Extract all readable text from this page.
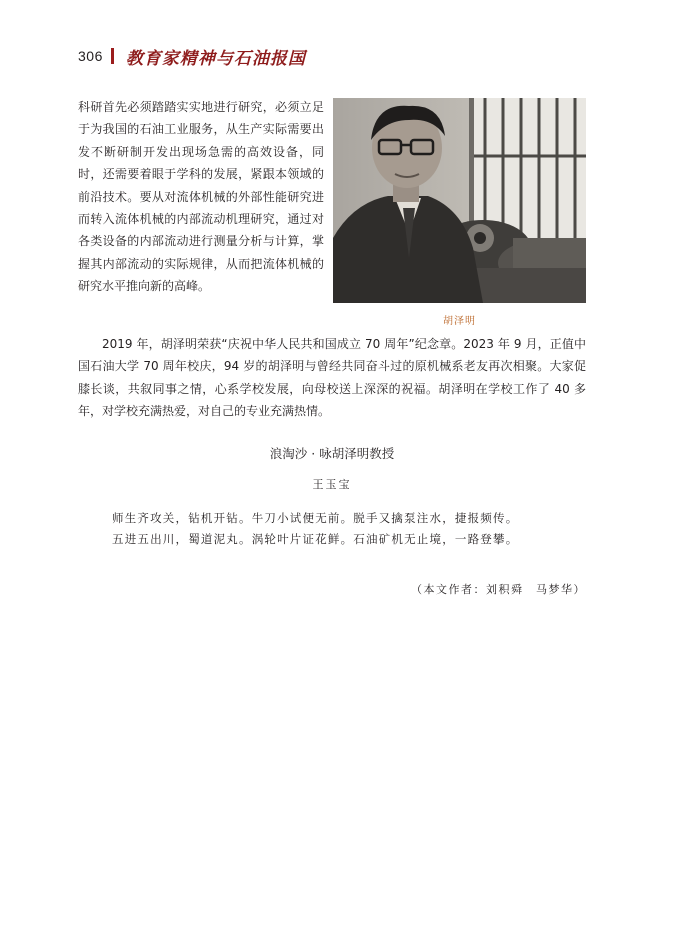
306 教育家精神与石油报国

科研首先必须踏踏实实地进行研究，必须立足于为我国的石油工业服务，从生产实际需要出发不断研制开发出现场急需的高效设备，同时，还需要着眼于学科的发展，紧跟本领域的前沿技术。要从对流体机械的外部性能研究进而转入流体机械的内部流动机理研究，通过对各类设备的内部流动进行测量分析与计算，掌握其内部流动的实际规律，从而把流体机械的研究水平推向新的高峰。

胡泽明

2019 年，胡泽明荣获“庆祝中华人民共和国成立 70 周年”纪念章。2023 年 9 月，正值中国石油大学 70 周年校庆，94 岁的胡泽明与曾经共同奋斗过的原机械系老友再次相聚。大家促膝长谈，共叙同事之情，心系学校发展，向母校送上深深的祝福。胡泽明在学校工作了 40 多年，对学校充满热爱，对自己的专业充满热情。

浪淘沙 · 咏胡泽明教授
王玉宝
师生齐攻关，钻机开钻。牛刀小试便无前。脱手又擒泵注水，捷报频传。
五进五出川，蜀道泥丸。涡轮叶片证花鲜。石油矿机无止境，一路登攀。
（本文作者：刘积舜　马梦华）
